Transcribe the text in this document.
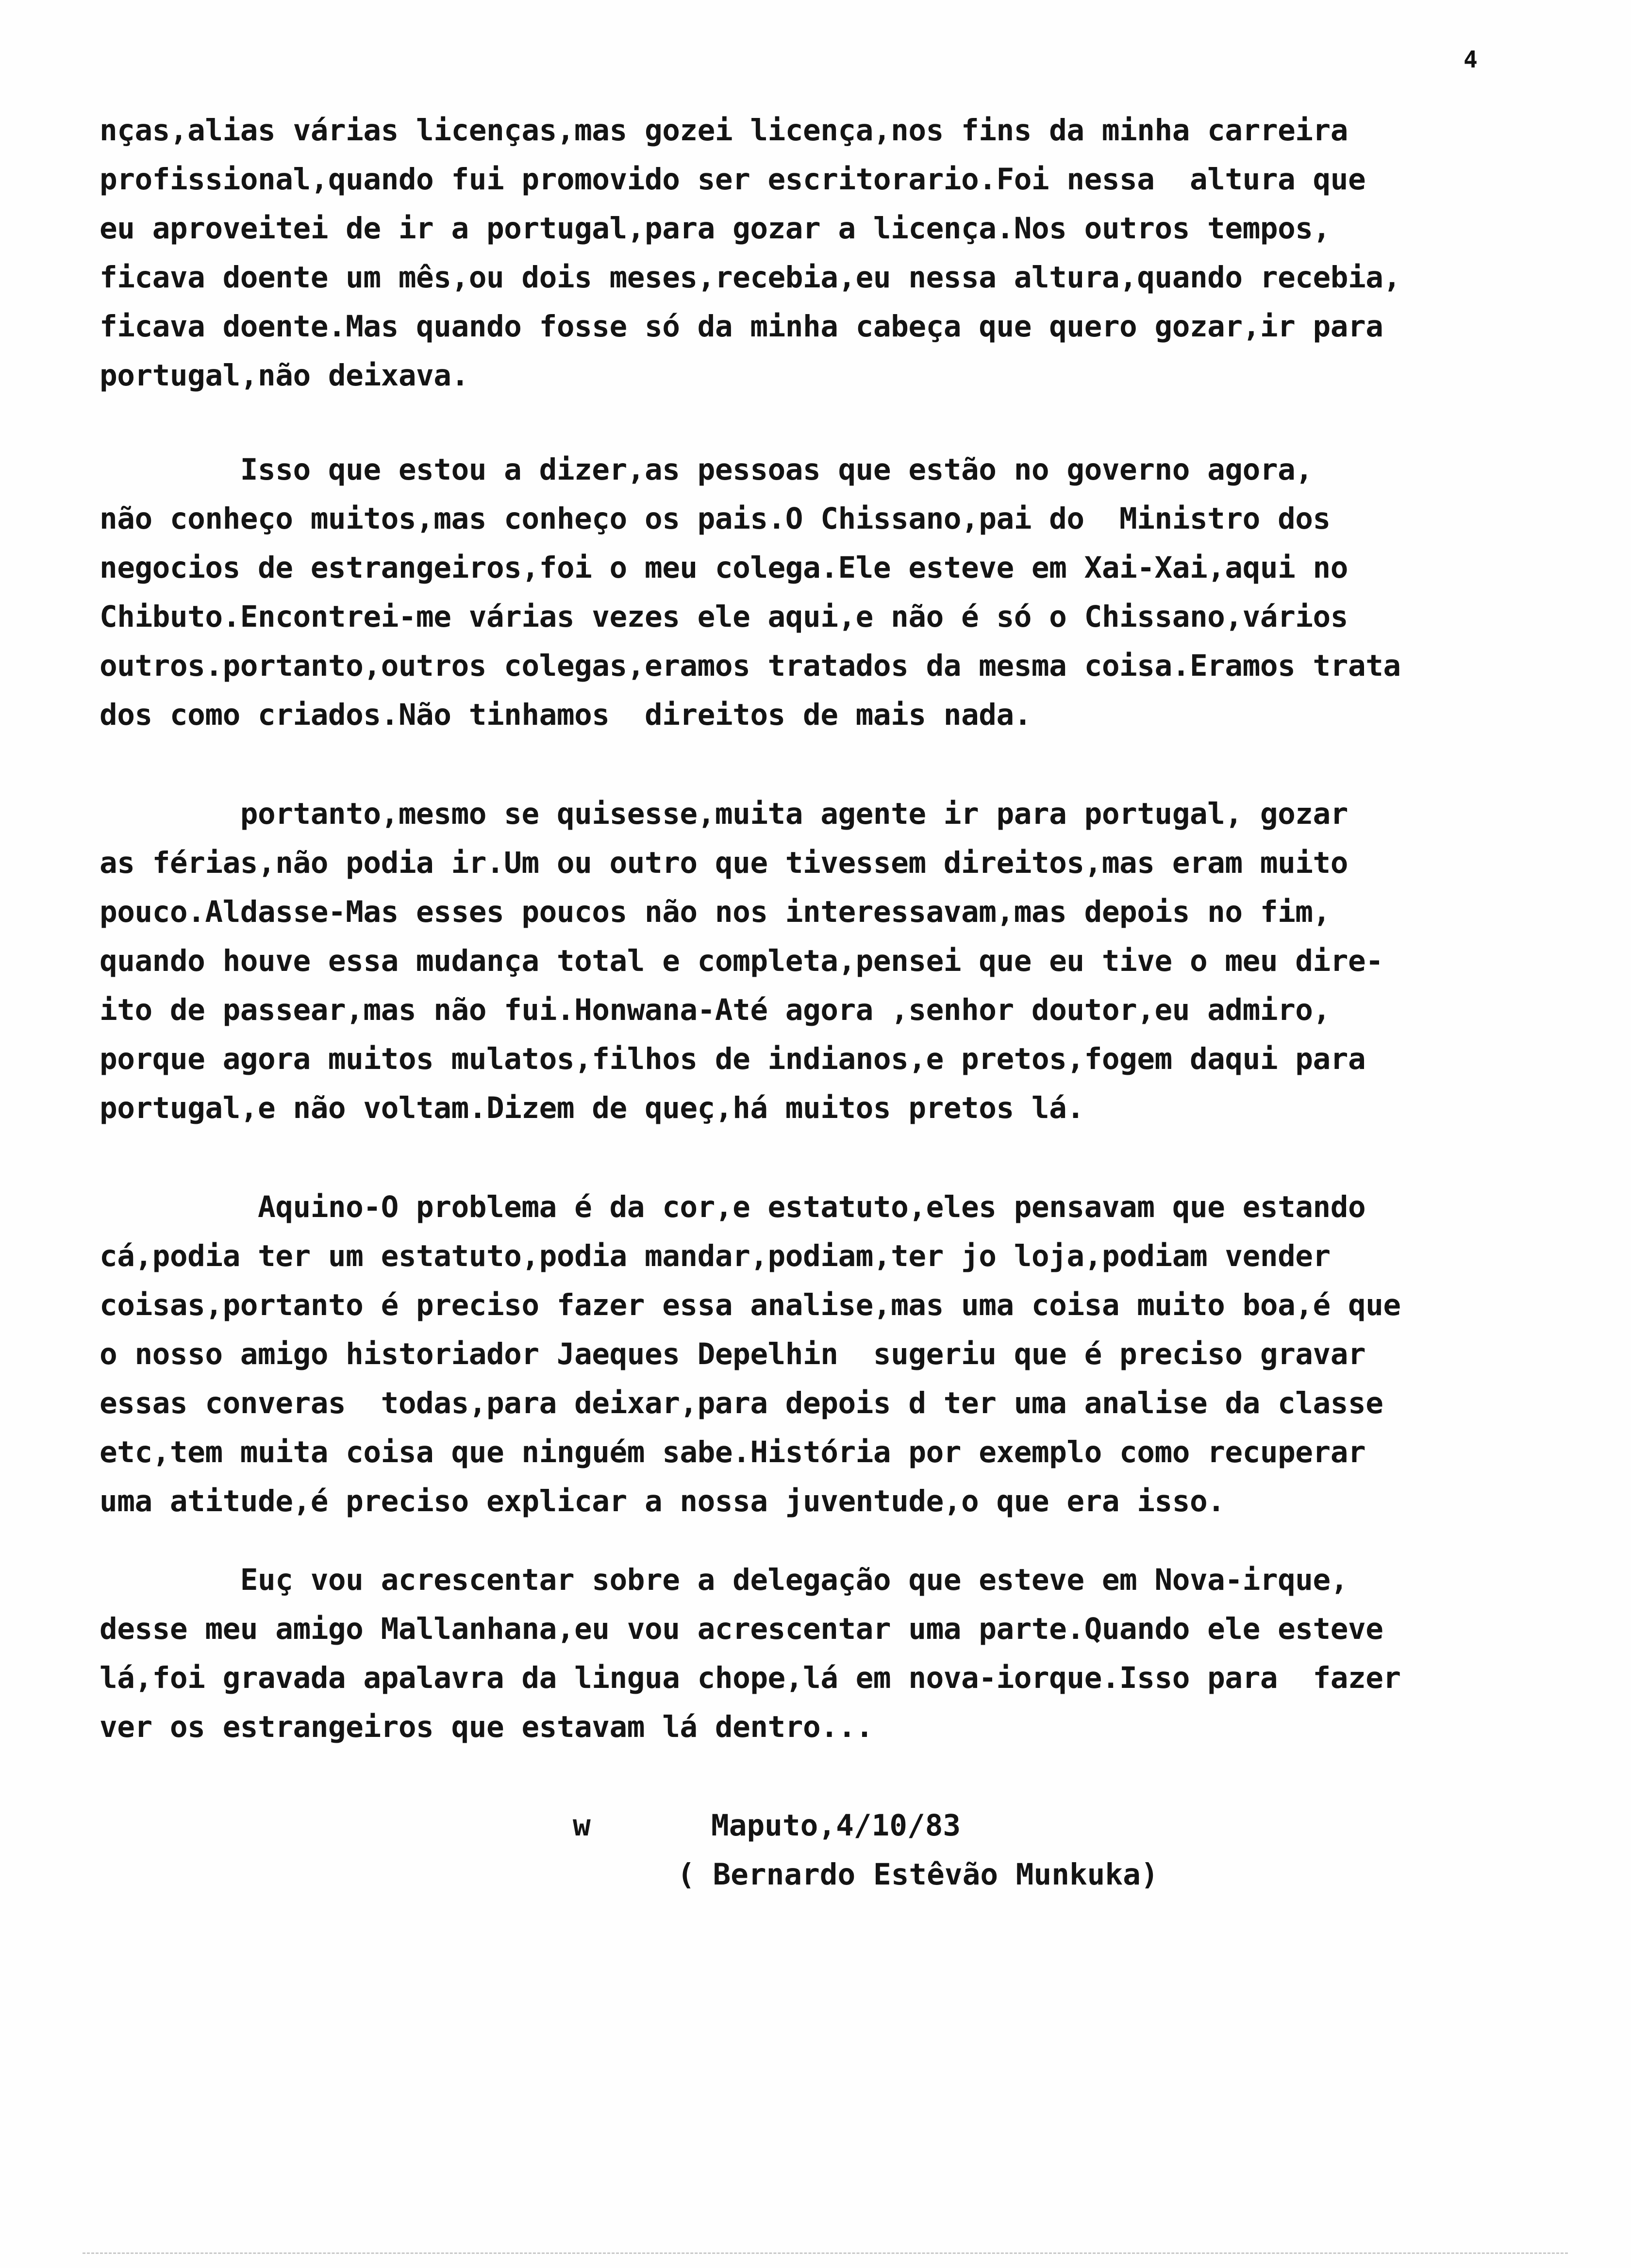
4
nças,alias várias licenças,mas gozei licença,nos fins da minha carreira
profissional,quando fui promovido ser escritorario.Foi nessa  altura que
eu aproveitei de ir a portugal,para gozar a licença.Nos outros tempos,
ficava doente um mês,ou dois meses,recebia,eu nessa altura,quando recebia,
ficava doente.Mas quando fosse só da minha cabeça que quero gozar,ir para
portugal,não deixava.
Isso que estou a dizer,as pessoas que estão no governo agora,
não conheço muitos,mas conheço os pais.O Chissano,pai do  Ministro dos
negocios de estrangeiros,foi o meu colega.Ele esteve em Xai-Xai,aqui no
Chibuto.Encontrei-me várias vezes ele aqui,e não é só o Chissano,vários
outros.portanto,outros colegas,eramos tratados da mesma coisa.Eramos trata
dos como criados.Não tinhamos  direitos de mais nada.
portanto,mesmo se quisesse,muita agente ir para portugal, gozar
as férias,não podia ir.Um ou outro que tivessem direitos,mas eram muito
pouco.Aldasse-Mas esses poucos não nos interessavam,mas depois no fim,
quando houve essa mudança total e completa,pensei que eu tive o meu dire-
ito de passear,mas não fui.Honwana-Até agora ,senhor doutor,eu admiro,
porque agora muitos mulatos,filhos de indianos,e pretos,fogem daqui para
portugal,e não voltam.Dizem de queç,há muitos pretos lá.
Aquino-O problema é da cor,e estatuto,eles pensavam que estando
cá,podia ter um estatuto,podia mandar,podiam,ter jo loja,podiam vender
coisas,portanto é preciso fazer essa analise,mas uma coisa muito boa,é que
o nosso amigo historiador Jaeques Depelhin  sugeriu que é preciso gravar
essas converas  todas,para deixar,para depois d ter uma analise da classe
etc,tem muita coisa que ninguém sabe.História por exemplo como recuperar
uma atitude,é preciso explicar a nossa juventude,o que era isso.
Euç vou acrescentar sobre a delegação que esteve em Nova-irque,
desse meu amigo Mallanhana,eu vou acrescentar uma parte.Quando ele esteve
lá,foi gravada apalavra da lingua chope,lá em nova-iorque.Isso para  fazer
ver os estrangeiros que estavam lá dentro...
w	Maputo,4/10/83
( Bernardo Estêvão Munkuka)
